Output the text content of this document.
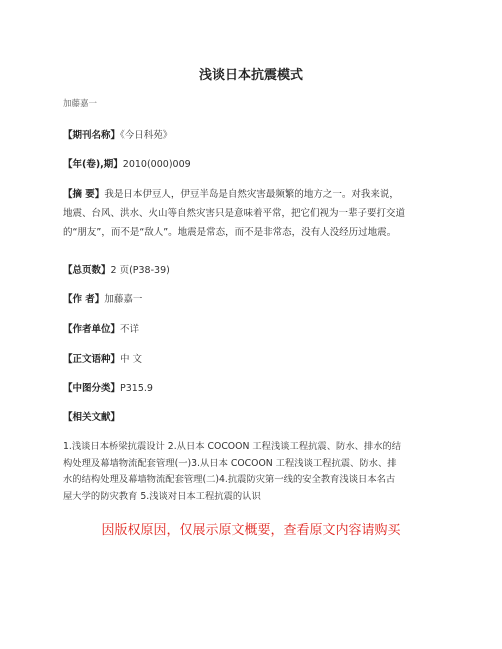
浅谈日本抗震模式
加藤嘉一
【期刊名称】《今日科苑》
【年(卷),期】2010(000)009
【摘 要】我是日本伊豆人，伊豆半岛是自然灾害最频繁的地方之一。对我来说，
地震、台风、洪水、火山等自然灾害只是意味着平常，把它们视为一辈子要打交道
的“朋友”，而不是“敌人”。地震是常态，而不是非常态，没有人没经历过地震。
【总页数】2 页(P38-39)
【作 者】加藤嘉一
【作者单位】不详
【正文语种】中 文
【中图分类】P315.9
【相关文献】
1.浅谈日本桥梁抗震设计 2.从日本 COCOON 工程浅谈工程抗震、防水、排水的结
构处理及幕墙物流配套管理(一)3.从日本 COCOON 工程浅谈工程抗震、防水、排
水的结构处理及幕墙物流配套管理(二)4.抗震防灾第一线的安全教育浅谈日本名古
屋大学的防灾教育 5.浅谈对日本工程抗震的认识
因版权原因，仅展示原文概要，查看原文内容请购买
